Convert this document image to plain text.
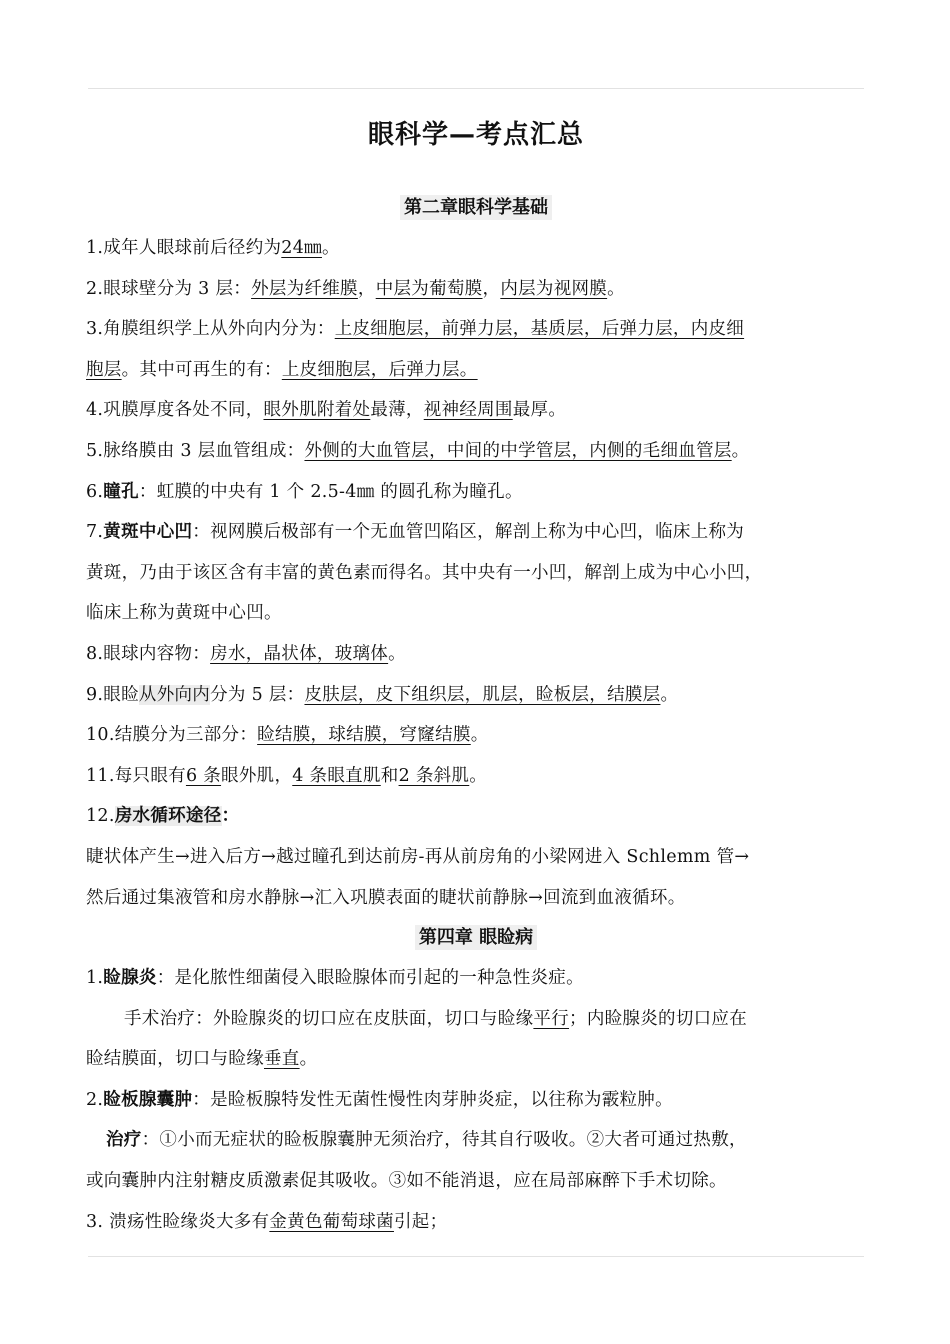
眼科学—考点汇总
第二章眼科学基础

1.成年人眼球前后径约为24㎜。

2.眼球壁分为 3 层：外层为纤维膜，中层为葡萄膜，内层为视网膜。

3.角膜组织学上从外向内分为：上皮细胞层，前弹力层，基质层，后弹力层，内皮细

胞层。其中可再生的有：上皮细胞层，后弹力层。

4.巩膜厚度各处不同，眼外肌附着处最薄，视神经周围最厚。

5.脉络膜由 3 层血管组成：外侧的大血管层，中间的中学管层，内侧的毛细血管层。

6.瞳孔：虹膜的中央有 1 个 2.5-4㎜ 的圆孔称为瞳孔。

7.黄斑中心凹：视网膜后极部有一个无血管凹陷区，解剖上称为中心凹，临床上称为

黄斑，乃由于该区含有丰富的黄色素而得名。其中央有一小凹，解剖上成为中心小凹，

临床上称为黄斑中心凹。

8.眼球内容物：房水，晶状体，玻璃体。

9.眼睑从外向内分为 5 层：皮肤层，皮下组织层，肌层，睑板层，结膜层。

10.结膜分为三部分：睑结膜，球结膜，穹窿结膜。

11.每只眼有6 条眼外肌，4 条眼直肌和2 条斜肌。

12.房水循环途径：

睫状体产生→进入后方→越过瞳孔到达前房-再从前房角的小梁网进入 Schlemm 管→

然后通过集液管和房水静脉→汇入巩膜表面的睫状前静脉→回流到血液循环。

第四章 眼睑病

1.睑腺炎：是化脓性细菌侵入眼睑腺体而引起的一种急性炎症。

手术治疗：外睑腺炎的切口应在皮肤面，切口与睑缘平行；内睑腺炎的切口应在

睑结膜面，切口与睑缘垂直。

2.睑板腺囊肿：是睑板腺特发性无菌性慢性肉芽肿炎症，以往称为霰粒肿。

治疗：①小而无症状的睑板腺囊肿无须治疗，待其自行吸收。②大者可通过热敷，

或向囊肿内注射糖皮质激素促其吸收。③如不能消退，应在局部麻醉下手术切除。

3. 溃疡性睑缘炎大多有金黄色葡萄球菌引起；
